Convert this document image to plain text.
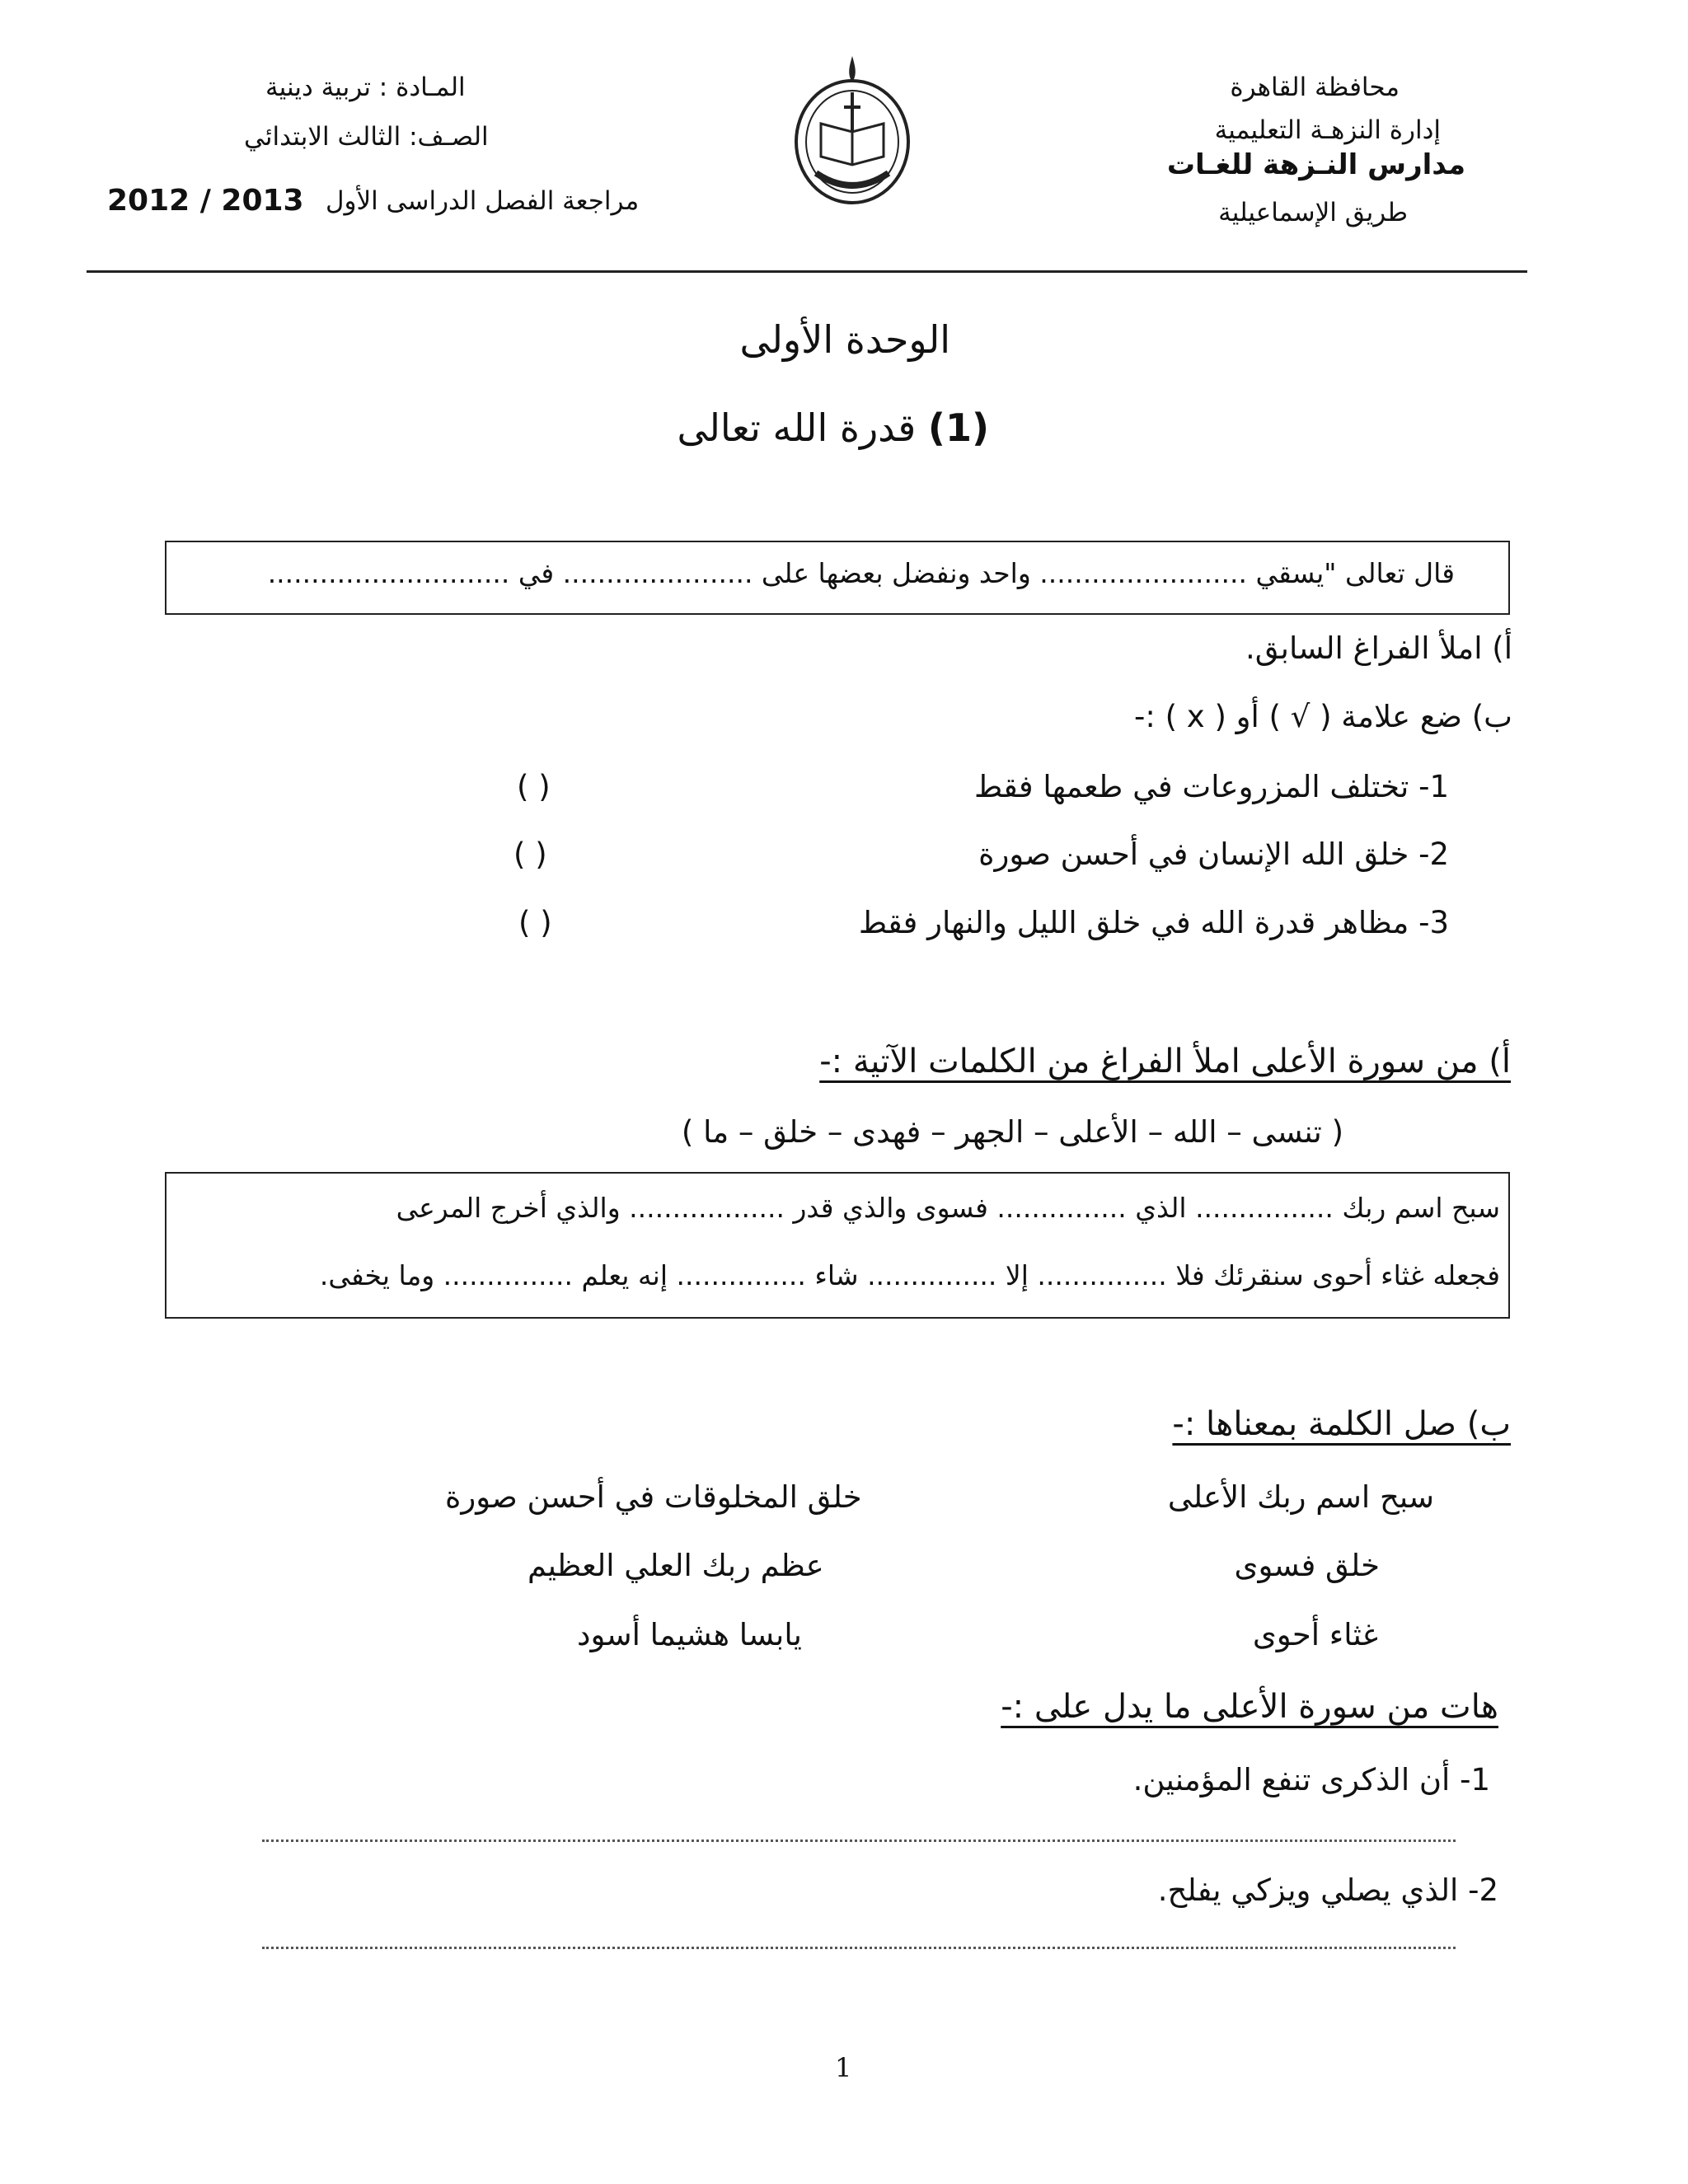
محافظة القاهرة
إدارة النزهـة التعليمية
مدارس النـزهة للغـات
طريق الإسماعيلية
المـادة : تربية دينية
الصـف: الثالث الابتدائي
مراجعة الفصل الدراسى الأول
2012 / 2013
الوحدة الأولى
(1) قدرة الله تعالى
قال تعالى "يسقي ........................ واحد ونفضل بعضها على ...................... في ............................
أ) املأ الفراغ السابق.
ب) ضع علامة ( √ ) أو ( x ) :-
1- تختلف المزروعات في طعمها فقط
( )
2- خلق الله الإنسان في أحسن صورة
( )
3- مظاهر قدرة الله في خلق الليل والنهار فقط
( )
أ) من سورة الأعلى املأ الفراغ من الكلمات الآتية :-
( تنسى – الله – الأعلى – الجهر – فهدى – خلق – ما )
سبح اسم ربك ................ الذي ............... فسوى والذي قدر .................. والذي أخرج المرعى
فجعله غثاء أحوى سنقرئك فلا ............... إلا ............... شاء ............... إنه يعلم ............... وما يخفى.
ب) صل الكلمة بمعناها :-
سبح اسم ربك الأعلى
خلق فسوى
غثاء أحوى
خلق المخلوقات في أحسن صورة
عظم ربك العلي العظيم
يابسا هشيما أسود
هات من سورة الأعلى ما يدل على :-
1- أن الذكرى تنفع المؤمنين.
2- الذي يصلي ويزكي يفلح.
1
